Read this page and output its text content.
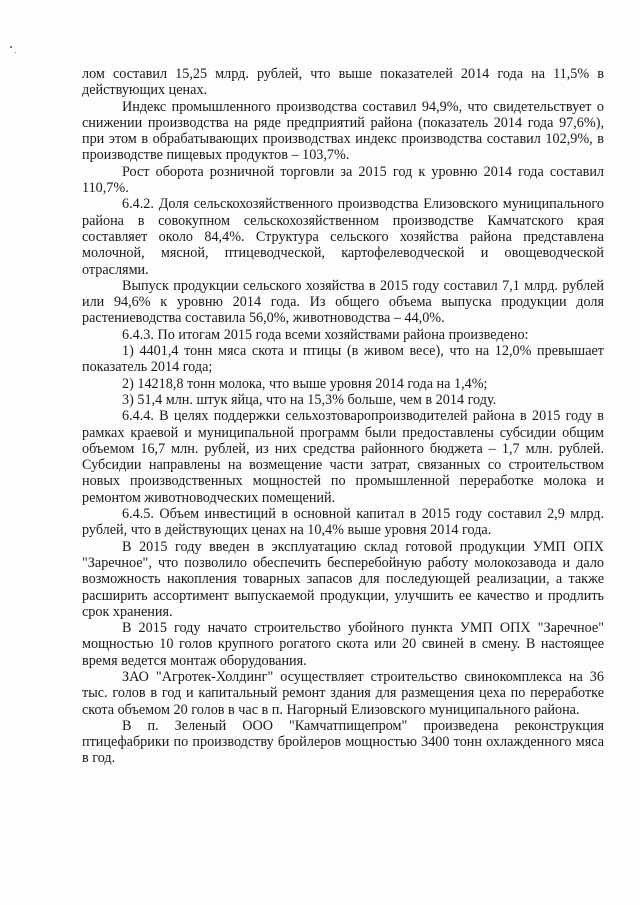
лом составил 15,25 млрд. рублей, что выше показателей 2014 года на 11,5% в действующих ценах.

Индекс промышленного производства составил 94,9%, что свидетельствует о снижении производства на ряде предприятий района (показатель 2014 года 97,6%), при этом в обрабатывающих производствах индекс производства составил 102,9%, в производстве пищевых продуктов – 103,7%.

Рост оборота розничной торговли за 2015 год к уровню 2014 года составил 110,7%.

6.4.2. Доля сельскохозяйственного производства Елизовского муниципального района в совокупном сельскохозяйственном производстве Камчатского края составляет около 84,4%. Структура сельского хозяйства района представлена молочной, мясной, птицеводческой, картофелеводческой и овощеводческой отраслями.

Выпуск продукции сельского хозяйства в 2015 году составил 7,1 млрд. рублей или 94,6% к уровню 2014 года. Из общего объема выпуска продукции доля растениеводства составила 56,0%, животноводства – 44,0%.

6.4.3. По итогам 2015 года всеми хозяйствами района произведено:

1) 4401,4 тонн мяса скота и птицы (в живом весе), что на 12,0% превышает показатель 2014 года;

2) 14218,8 тонн молока, что выше уровня 2014 года на 1,4%;

3) 51,4 млн. штук яйца, что на 15,3% больше, чем в 2014 году.

6.4.4. В целях поддержки сельхозтоваропроизводителей района в 2015 году в рамках краевой и муниципальной программ были предоставлены субсидии общим объемом 16,7 млн. рублей, из них средства районного бюджета – 1,7 млн. рублей. Субсидии направлены на возмещение части затрат, связанных со строительством новых производственных мощностей по промышленной переработке молока и ремонтом животноводческих помещений.

6.4.5. Объем инвестиций в основной капитал в 2015 году составил 2,9 млрд. рублей, что в действующих ценах на 10,4% выше уровня 2014 года.

В 2015 году введен в эксплуатацию склад готовой продукции УМП ОПХ "Заречное", что позволило обеспечить бесперебойную работу молокозавода и дало возможность накопления товарных запасов для последующей реализации, а также расширить ассортимент выпускаемой продукции, улучшить ее качество и продлить срок хранения.

В 2015 году начато строительство убойного пункта УМП ОПХ "Заречное" мощностью 10 голов крупного рогатого скота или 20 свиней в смену. В настоящее время ведется монтаж оборудования.

ЗАО "Агротек-Холдинг" осуществляет строительство свинокомплекса на 36 тыс. голов в год и капитальный ремонт здания для размещения цеха по переработке скота объемом 20 голов в час в п. Нагорный Елизовского муниципального района.

В п. Зеленый ООО "Камчатпищепром" произведена реконструкция птицефабрики по производству бройлеров мощностью 3400 тонн охлажденного мяса в год.
